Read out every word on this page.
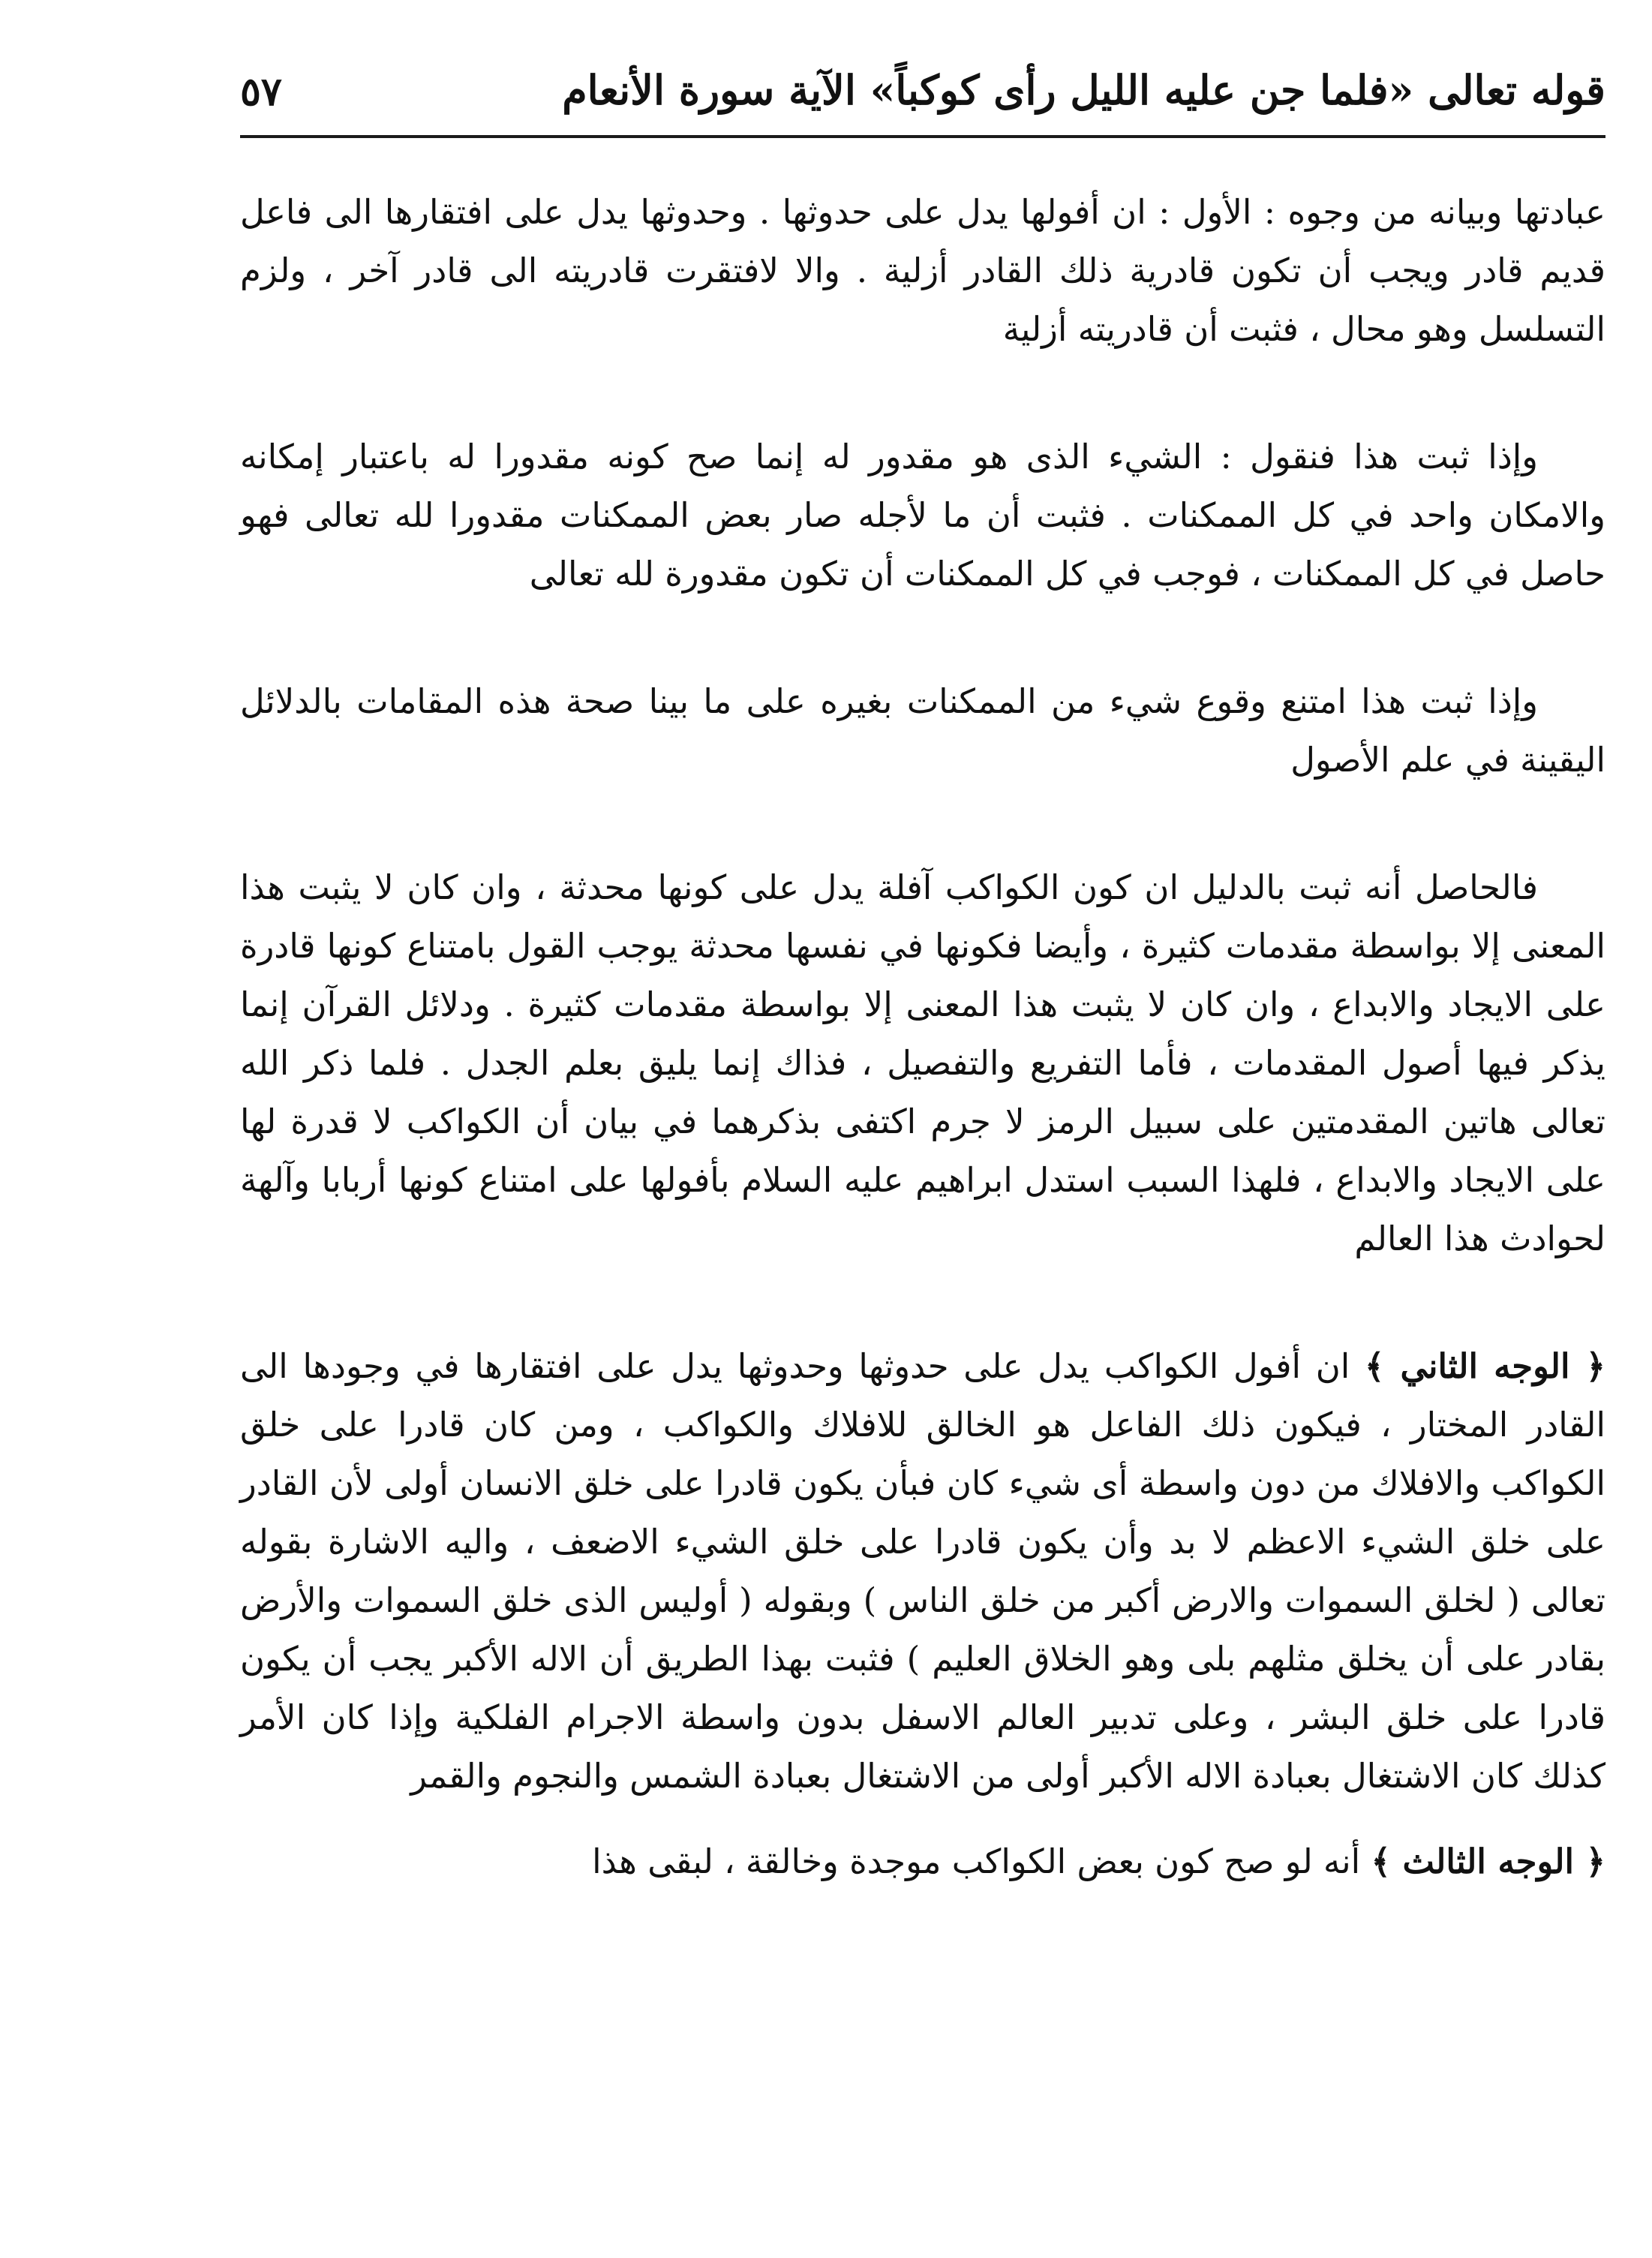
قوله تعالى «فلما جن عليه الليل رأى كوكباً» الآية سورة الأنعام
٥٧

عبادتها وبيانه من وجوه : الأول : ان أفولها يدل على حدوثها . وحدوثها يدل على افتقارها الى فاعل قديم قادر ويجب أن تكون قادرية ذلك القادر أزلية . والا لافتقرت قادريته الى قادر آخر ، ولزم التسلسل وهو محال ، فثبت أن قادريته أزلية

وإذا ثبت هذا فنقول : الشيء الذى هو مقدور له إنما صح كونه مقدورا له باعتبار إمكانه والامكان واحد في كل الممكنات . فثبت أن ما لأجله صار بعض الممكنات مقدورا لله تعالى فهو حاصل في كل الممكنات ، فوجب في كل الممكنات أن تكون مقدورة لله تعالى

وإذا ثبت هذا امتنع وقوع شيء من الممكنات بغيره على ما بينا صحة هذه المقامات بالدلائل اليقينة في علم الأصول

فالحاصل أنه ثبت بالدليل ان كون الكواكب آفلة يدل على كونها محدثة ، وان كان لا يثبت هذا المعنى إلا بواسطة مقدمات كثيرة ، وأيضا فكونها في نفسها محدثة يوجب القول بامتناع كونها قادرة على الايجاد والابداع ، وان كان لا يثبت هذا المعنى إلا بواسطة مقدمات كثيرة . ودلائل القرآن إنما يذكر فيها أصول المقدمات ، فأما التفريع والتفصيل ، فذاك إنما يليق بعلم الجدل . فلما ذكر الله تعالى هاتين المقدمتين على سبيل الرمز لا جرم اكتفى بذكرهما في بيان أن الكواكب لا قدرة لها على الايجاد والابداع ، فلهذا السبب استدل ابراهيم عليه السلام بأفولها على امتناع كونها أربابا وآلهة لحوادث هذا العالم

﴿ الوجه الثاني ﴾ ان أفول الكواكب يدل على حدوثها وحدوثها يدل على افتقارها في وجودها الى القادر المختار ، فيكون ذلك الفاعل هو الخالق للافلاك والكواكب ، ومن كان قادرا على خلق الكواكب والافلاك من دون واسطة أى شيء كان فبأن يكون قادرا على خلق الانسان أولى لأن القادر على خلق الشيء الاعظم لا بد وأن يكون قادرا على خلق الشيء الاضعف ، واليه الاشارة بقوله تعالى ( لخلق السموات والارض أكبر من خلق الناس ) وبقوله ( أوليس الذى خلق السموات والأرض بقادر على أن يخلق مثلهم بلى وهو الخلاق العليم ) فثبت بهذا الطريق أن الاله الأكبر يجب أن يكون قادرا على خلق البشر ، وعلى تدبير العالم الاسفل بدون واسطة الاجرام الفلكية وإذا كان الأمر كذلك كان الاشتغال بعبادة الاله الأكبر أولى من الاشتغال بعبادة الشمس والنجوم والقمر

﴿ الوجه الثالث ﴾ أنه لو صح كون بعض الكواكب موجدة وخالقة ، لبقى هذا
